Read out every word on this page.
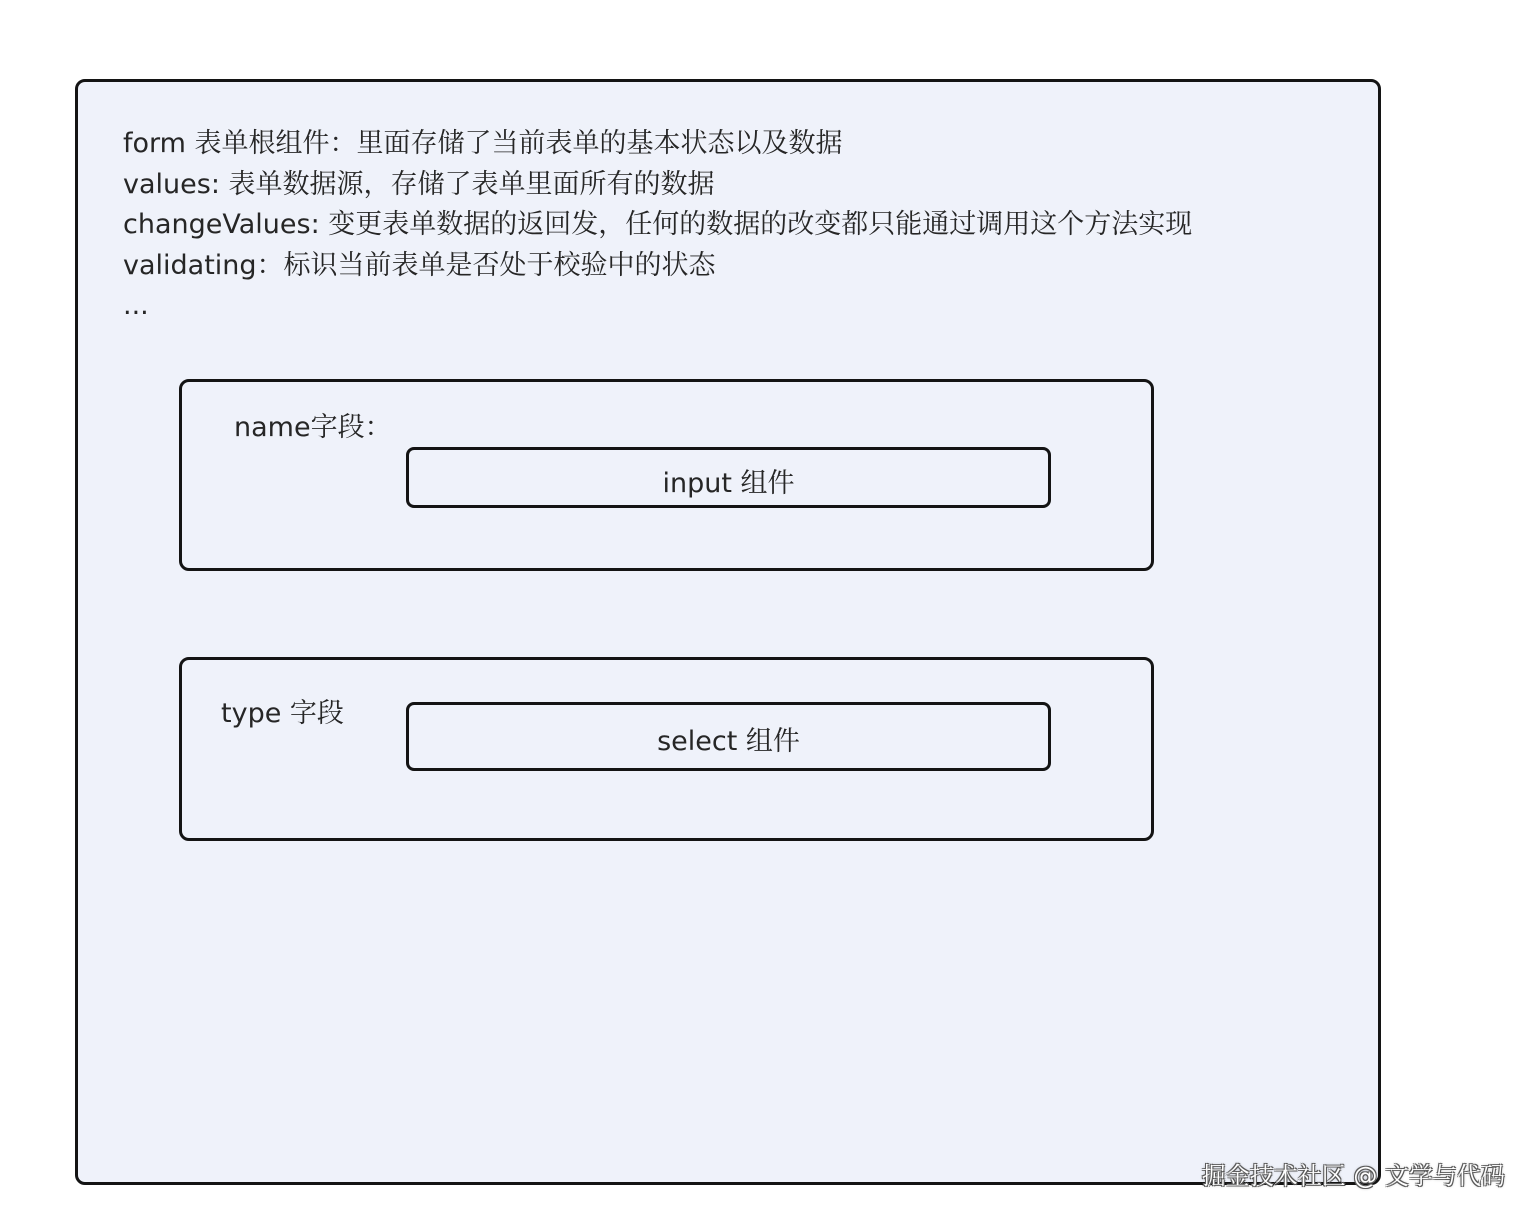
form 表单根组件：里面存储了当前表单的基本状态以及数据
values: 表单数据源，存储了表单里面所有的数据
changeValues: 变更表单数据的返回发，任何的数据的改变都只能通过调用这个方法实现
validating：标识当前表单是否处于校验中的状态
...
name字段：
input 组件
type 字段
select 组件
掘金技术社区 @ 文学与代码
